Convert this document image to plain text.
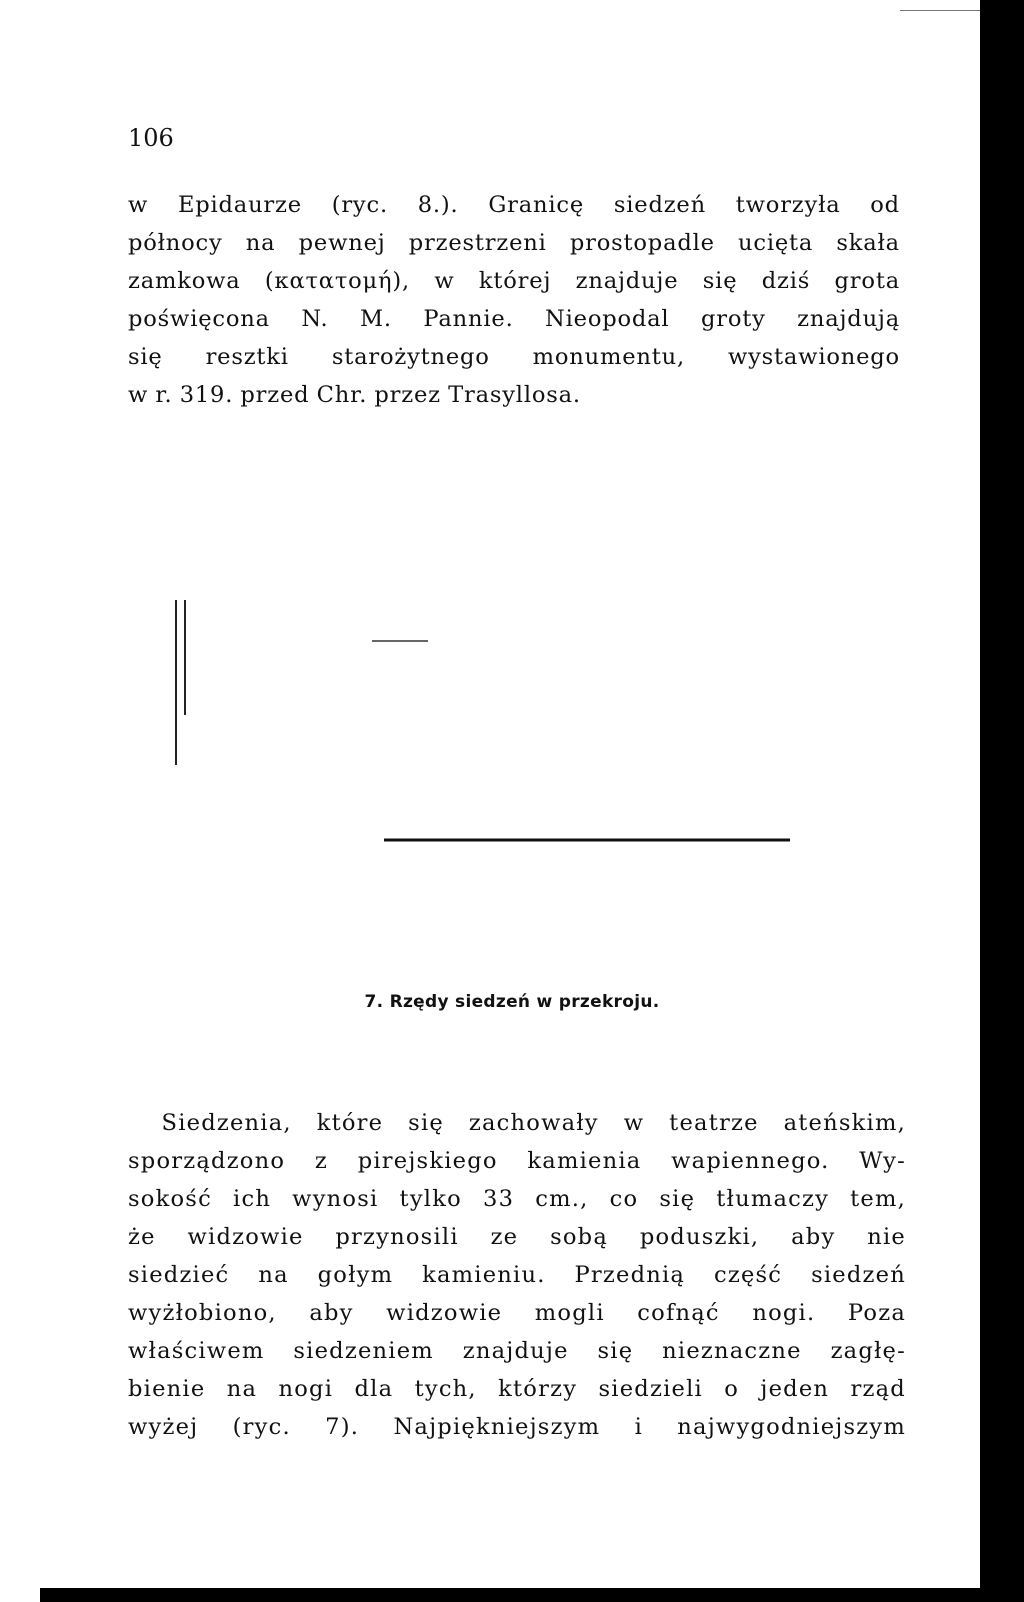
106
w Epidaurze (ryc. 8.). Granicę siedzeń tworzyła od
północy na pewnej przestrzeni prostopadle ucięta skała
zamkowa (κατατομή), w której znajduje się dziś grota
poświęcona N. M. Pannie. Nieopodal groty znajdują
się resztki starożytnego monumentu, wystawionego
w r. 319. przed Chr. przez Trasyllosa.
7. Rzędy siedzeń w przekroju.
Siedzenia, które się zachowały w teatrze ateńskim,
sporządzono z pirejskiego kamienia wapiennego. Wy-
sokość ich wynosi tylko 33 cm., co się tłumaczy tem,
że widzowie przynosili ze sobą poduszki, aby nie
siedzieć na gołym kamieniu. Przednią część siedzeń
wyżłobiono, aby widzowie mogli cofnąć nogi. Poza
właściwem siedzeniem znajduje się nieznaczne zagłę-
bienie na nogi dla tych, którzy siedzieli o jeden rząd
wyżej (ryc. 7). Najpiękniejszym i najwygodniejszym
